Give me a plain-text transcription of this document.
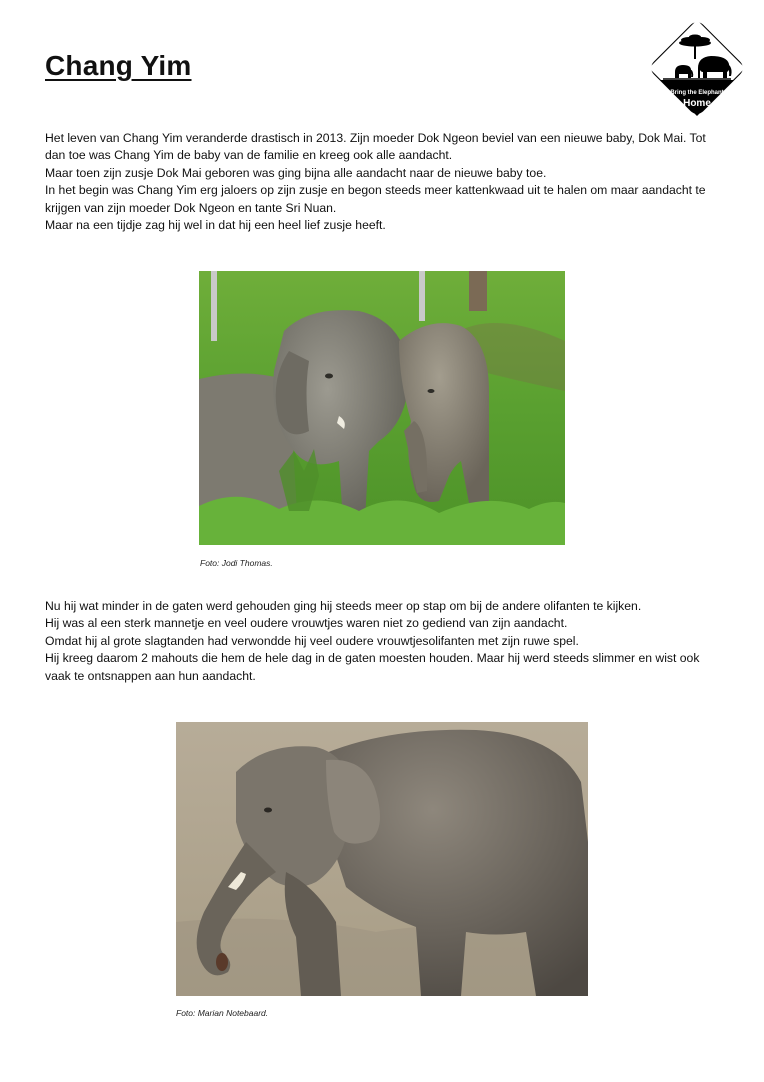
Chang Yim
Bring the Elephant
Home

Het leven van Chang Yim veranderde drastisch in 2013. Zijn moeder Dok Ngeon beviel van een nieuwe baby, Dok Mai. Tot dan toe was Chang Yim de baby van de familie en kreeg ook alle aandacht.

Maar toen zijn zusje Dok Mai geboren was ging bijna alle aandacht naar de nieuwe baby toe.

In het begin was Chang Yim erg jaloers op zijn zusje en begon steeds meer kattenkwaad uit te halen om maar aandacht te krijgen van zijn moeder Dok Ngeon en tante Sri Nuan.

Maar na een tijdje zag hij wel in dat hij een heel lief zusje heeft.

Foto: Jodi Thomas.

Nu hij wat minder in de gaten werd gehouden ging hij steeds meer op stap om bij de andere olifanten te kijken.

Hij was al een sterk mannetje en veel oudere vrouwtjes waren niet zo gediend van zijn aandacht.

Omdat hij al grote slagtanden had verwondde hij veel oudere vrouwtjesolifanten met zijn ruwe spel.

Hij kreeg daarom 2 mahouts die hem de hele dag in de gaten moesten houden. Maar hij werd steeds slimmer en wist ook vaak te ontsnappen aan hun aandacht.

Foto: Marian Notebaard.
